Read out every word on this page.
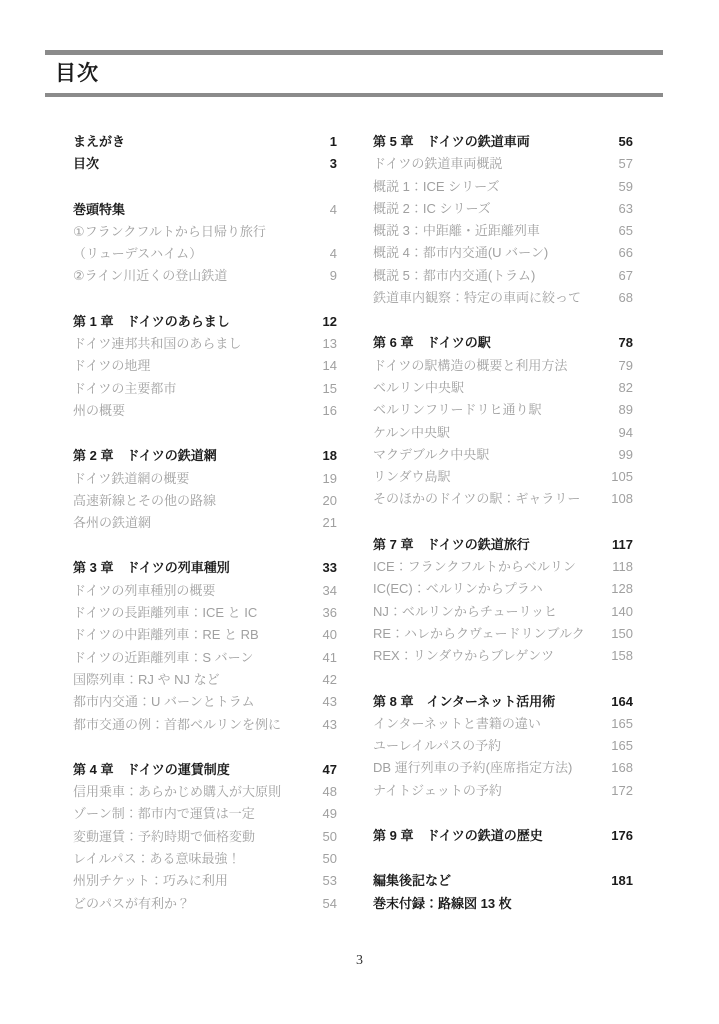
目次
まえがき	1
目次	3
巻頭特集	4
①フランクフルトから日帰り旅行
（リューデスハイム）	4
②ライン川近くの登山鉄道	9
第 1 章　ドイツのあらまし	12
ドイツ連邦共和国のあらまし	13
ドイツの地理	14
ドイツの主要都市	15
州の概要	16
第 2 章　ドイツの鉄道網	18
ドイツ鉄道網の概要	19
高速新線とその他の路線	20
各州の鉄道網	21
第 3 章　ドイツの列車種別	33
ドイツの列車種別の概要	34
ドイツの長距離列車：ICE と IC	36
ドイツの中距離列車：RE と RB	40
ドイツの近距離列車：S バーン	41
国際列車：RJ や NJ など	42
都市内交通：U バーンとトラム	43
都市交通の例：首都ベルリンを例に	43
第 4 章　ドイツの運賃制度	47
信用乗車：あらかじめ購入が大原則	48
ゾーン制：都市内で運賃は一定	49
変動運賃：予約時期で価格変動	50
レイルパス：ある意味最強！	50
州別チケット：巧みに利用	53
どのパスが有利か？	54
第 5 章　ドイツの鉄道車両	56
ドイツの鉄道車両概説	57
概説 1：ICE シリーズ	59
概説 2：IC シリーズ	63
概説 3：中距離・近距離列車	65
概説 4：都市内交通(U バーン)	66
概説 5：都市内交通(トラム)	67
鉄道車内観察：特定の車両に絞って	68
第 6 章　ドイツの駅	78
ドイツの駅構造の概要と利用方法	79
ベルリン中央駅	82
ベルリンフリードリヒ通り駅	89
ケルン中央駅	94
マクデブルク中央駅	99
リンダウ島駅	105
そのほかのドイツの駅：ギャラリー	108
第 7 章　ドイツの鉄道旅行	117
ICE：フランクフルトからベルリン	118
IC(EC)：ベルリンからプラハ	128
NJ：ベルリンからチューリッヒ	140
RE：ハレからクヴェードリンブルク	150
REX：リンダウからブレゲンツ	158
第 8 章　インターネット活用術	164
インターネットと書籍の違い	165
ユーレイルパスの予約	165
DB 運行列車の予約(座席指定方法)	168
ナイトジェットの予約	172
第 9 章　ドイツの鉄道の歴史	176
編集後記など	181
巻末付録：路線図 13 枚
3
